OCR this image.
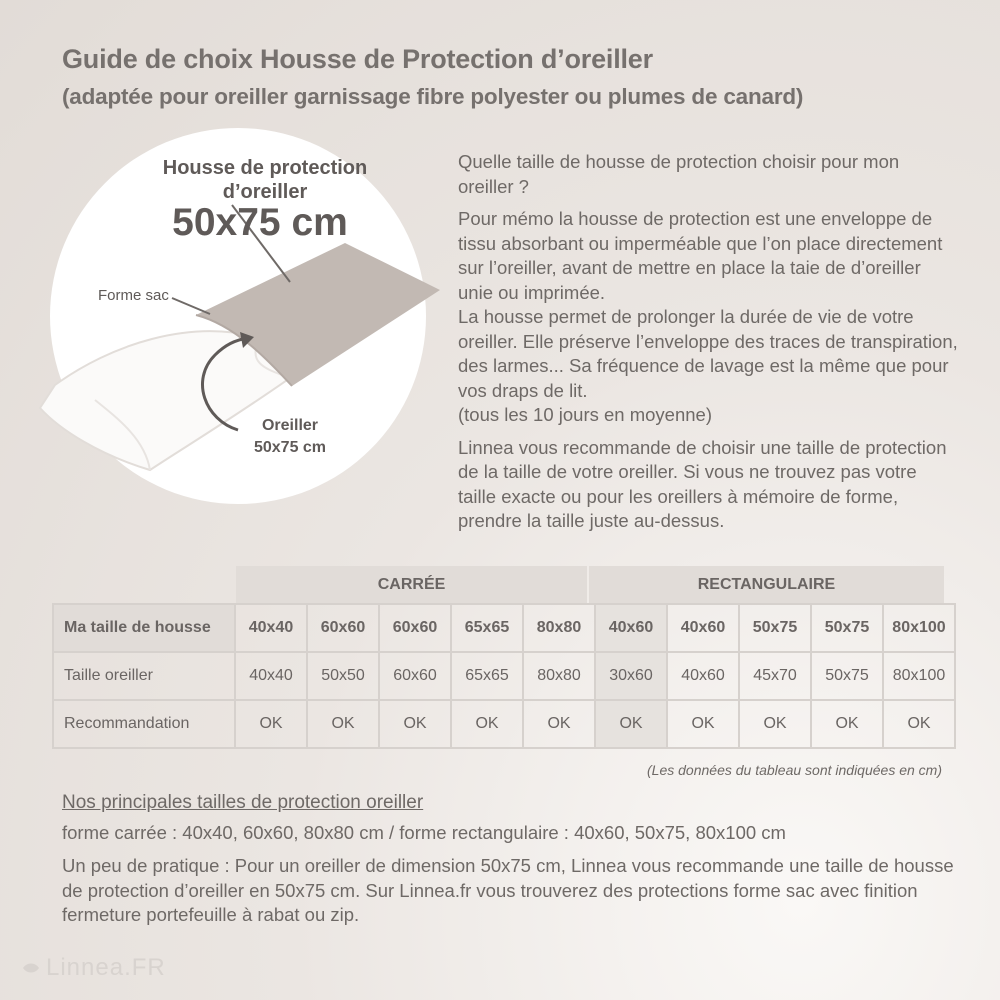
Guide de choix Housse de Protection d’oreiller
(adaptée pour oreiller garnissage fibre polyester ou plumes de canard)
Housse de protection d’oreiller
50x75 cm
Forme sac
Oreiller
50x75 cm

Quelle taille de housse de protection choisir pour mon oreiller ?

Pour mémo la housse de protection est une enveloppe de tissu absorbant ou imperméable que l’on place directement sur l’oreiller, avant de mettre en place la taie de d’oreiller unie ou imprimée.

La housse permet de prolonger la durée de vie de votre oreiller. Elle préserve l’enveloppe des traces de transpiration, des larmes... Sa fréquence de lavage est la même que pour vos draps de lit.

(tous les 10 jours en moyenne)

Linnea vous recommande de choisir une taille de protection de la taille de votre oreiller. Si vous ne trouvez pas votre taille exacte ou pour les oreillers à mémoire de forme, prendre la taille juste au-dessus.

CARRÉE	RECTANGULAIRE
Ma taille de housse	40x40	60x60	60x60	65x65	80x80	40x60	40x60	50x75	50x75	80x100
Taille oreiller	40x40	50x50	60x60	65x65	80x80	30x60	40x60	45x70	50x75	80x100
Recommandation	OK	OK	OK	OK	OK	OK	OK	OK	OK	OK
(Les données du tableau sont indiquées en cm)
Nos principales tailles de protection oreiller
forme carrée : 40x40, 60x60, 80x80 cm / forme rectangulaire : 40x60, 50x75, 80x100 cm
Un peu de pratique : Pour un oreiller de dimension 50x75 cm, Linnea vous recommande une taille de housse de protection d’oreiller en 50x75 cm. Sur Linnea.fr vous trouverez des protections forme sac avec finition fermeture portefeuille à rabat ou zip.
Linnea.FR
